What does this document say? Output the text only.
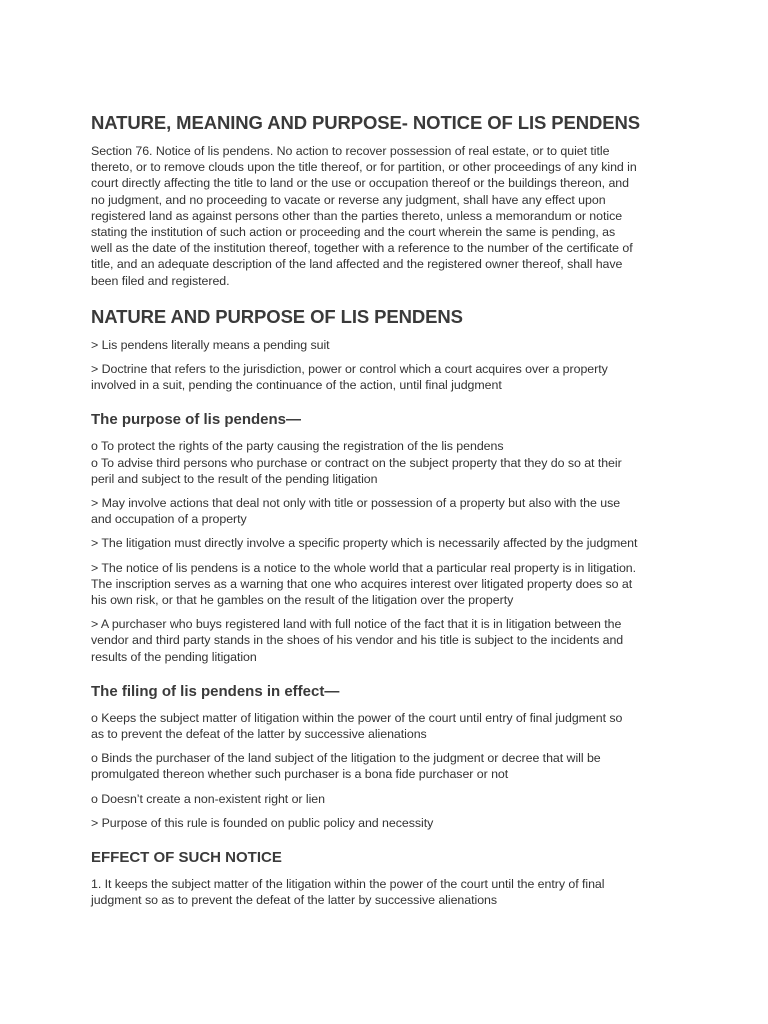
NATURE, MEANING AND PURPOSE- NOTICE OF LIS PENDENS
Section 76. Notice of lis pendens. No action to recover possession of real estate, or to quiet title
thereto, or to remove clouds upon the title thereof, or for partition, or other proceedings of any kind in
court directly affecting the title to land or the use or occupation thereof or the buildings thereon, and
no judgment, and no proceeding to vacate or reverse any judgment, shall have any effect upon
registered land as against persons other than the parties thereto, unless a memorandum or notice
stating the institution of such action or proceeding and the court wherein the same is pending, as
well as the date of the institution thereof, together with a reference to the number of the certificate of
title, and an adequate description of the land affected and the registered owner thereof, shall have
been filed and registered.
NATURE AND PURPOSE OF LIS PENDENS

> Lis pendens literally means a pending suit

> Doctrine that refers to the jurisdiction, power or control which a court acquires over a property
involved in a suit, pending the continuance of the action, until final judgment

The purpose of lis pendens—

o To protect the rights of the party causing the registration of the lis pendens
o To advise third persons who purchase or contract on the subject property that they do so at their
peril and subject to the result of the pending litigation

> May involve actions that deal not only with title or possession of a property but also with the use
and occupation of a property

> The litigation must directly involve a specific property which is necessarily affected by the judgment

> The notice of lis pendens is a notice to the whole world that a particular real property is in litigation.
The inscription serves as a warning that one who acquires interest over litigated property does so at
his own risk, or that he gambles on the result of the litigation over the property

> A purchaser who buys registered land with full notice of the fact that it is in litigation between the
vendor and third party stands in the shoes of his vendor and his title is subject to the incidents and
results of the pending litigation

The filing of lis pendens in effect—

o Keeps the subject matter of litigation within the power of the court until entry of final judgment so
as to prevent the defeat of the latter by successive alienations

o Binds the purchaser of the land subject of the litigation to the judgment or decree that will be
promulgated thereon whether such purchaser is a bona fide purchaser or not

o Doesn’t create a non-existent right or lien

> Purpose of this rule is founded on public policy and necessity

EFFECT OF SUCH NOTICE

1. It keeps the subject matter of the litigation within the power of the court until the entry of final
judgment so as to prevent the defeat of the latter by successive alienations
